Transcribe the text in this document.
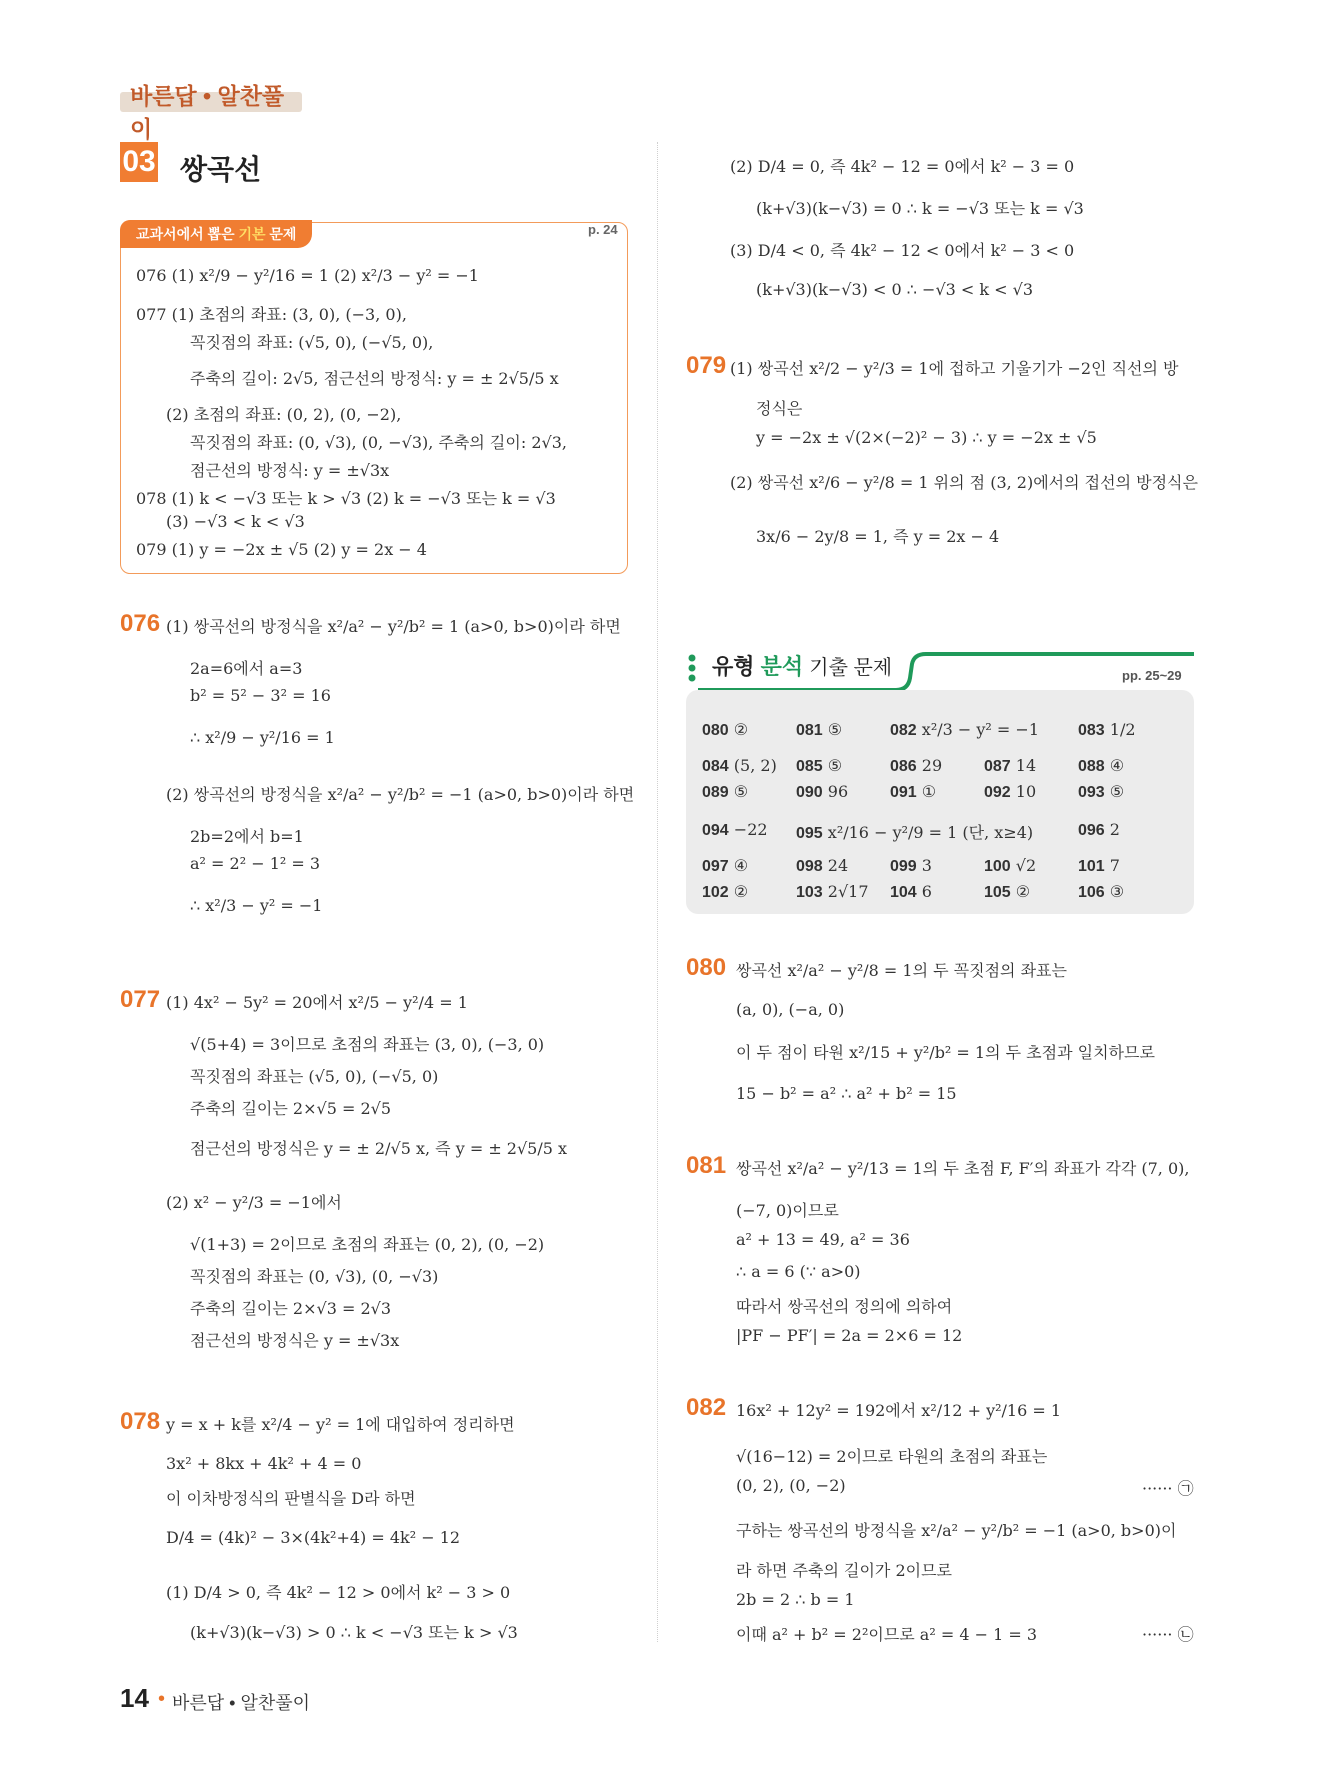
바른답 • 알찬풀이
03 쌍곡선
교과서에서 뽑은 기본 문제	p. 24
076 (1) x²/9 − y²/16 = 1 (2) x²/3 − y² = −1
077 (1) 초점의 좌표: (3, 0), (−3, 0),
꼭짓점의 좌표: (√5, 0), (−√5, 0),
주축의 길이: 2√5, 점근선의 방정식: y = ± 2√5/5 x
(2) 초점의 좌표: (0, 2), (0, −2),
꼭짓점의 좌표: (0, √3), (0, −√3), 주축의 길이: 2√3,
점근선의 방정식: y = ±√3x
078 (1) k < −√3 또는 k > √3 (2) k = −√3 또는 k = √3
(3) −√3 < k < √3
079 (1) y = −2x ± √5 (2) y = 2x − 4
076 (1) 쌍곡선의 방정식을 x²/a² − y²/b² = 1 (a>0, b>0)이라 하면
2a=6에서 a=3
b² = 5² − 3² = 16
∴ x²/9 − y²/16 = 1
(2) 쌍곡선의 방정식을 x²/a² − y²/b² = −1 (a>0, b>0)이라 하면
2b=2에서 b=1
a² = 2² − 1² = 3
∴ x²/3 − y² = −1
077 (1) 4x² − 5y² = 20에서 x²/5 − y²/4 = 1
√(5+4) = 3이므로 초점의 좌표는 (3, 0), (−3, 0)
꼭짓점의 좌표는 (√5, 0), (−√5, 0)
주축의 길이는 2×√5 = 2√5
점근선의 방정식은 y = ± 2/√5 x, 즉 y = ± 2√5/5 x
(2) x² − y²/3 = −1에서
√(1+3) = 2이므로 초점의 좌표는 (0, 2), (0, −2)
꼭짓점의 좌표는 (0, √3), (0, −√3)
주축의 길이는 2×√3 = 2√3
점근선의 방정식은 y = ±√3x
078 y = x + k를 x²/4 − y² = 1에 대입하여 정리하면
3x² + 8kx + 4k² + 4 = 0
이 이차방정식의 판별식을 D라 하면
D/4 = (4k)² − 3×(4k²+4) = 4k² − 12
(1) D/4 > 0, 즉 4k² − 12 > 0에서 k² − 3 > 0
(k+√3)(k−√3) > 0 ∴ k < −√3 또는 k > √3
(2) D/4 = 0, 즉 4k² − 12 = 0에서 k² − 3 = 0
(k+√3)(k−√3) = 0 ∴ k = −√3 또는 k = √3
(3) D/4 < 0, 즉 4k² − 12 < 0에서 k² − 3 < 0
(k+√3)(k−√3) < 0 ∴ −√3 < k < √3
079 (1) 쌍곡선 x²/2 − y²/3 = 1에 접하고 기울기가 −2인 직선의 방
정식은
y = −2x ± √(2×(−2)² − 3) ∴ y = −2x ± √5
(2) 쌍곡선 x²/6 − y²/8 = 1 위의 점 (3, 2)에서의 접선의 방정식은
3x/6 − 2y/8 = 1, 즉 y = 2x − 4
유형 분석 기출 문제	pp. 25~29
080 ②	081 ⑤	082 x²/3 − y² = −1 083 1/2
084 (5, 2) 085 ⑤	086 29	087 14	088 ④
089 ⑤	090 96	091 ①	092 10	093 ⑤
094 −22 095 x²/16 − y²/9 = 1 (단, x≥4)	096 2
097 ④	098 24	099 3	100 √2	101 7
102 ②	103 2√17 104 6	105 ②	106 ③
080 쌍곡선 x²/a² − y²/8 = 1의 두 꼭짓점의 좌표는
(a, 0), (−a, 0)
이 두 점이 타원 x²/15 + y²/b² = 1의 두 초점과 일치하므로
15 − b² = a² ∴ a² + b² = 15
081 쌍곡선 x²/a² − y²/13 = 1의 두 초점 F, F′의 좌표가 각각 (7, 0),
(−7, 0)이므로
a² + 13 = 49, a² = 36
∴ a = 6 (∵ a>0)
따라서 쌍곡선의 정의에 의하여
|PF − PF′| = 2a = 2×6 = 12
082 16x² + 12y² = 192에서 x²/12 + y²/16 = 1
√(16−12) = 2이므로 타원의 초점의 좌표는
(0, 2), (0, −2)	······ ㉠
구하는 쌍곡선의 방정식을 x²/a² − y²/b² = −1 (a>0, b>0)이
라 하면 주축의 길이가 2이므로
2b = 2 ∴ b = 1
이때 a² + b² = 2²이므로 a² = 4 − 1 = 3	······ ㉡
14 • 바른답 • 알찬풀이
